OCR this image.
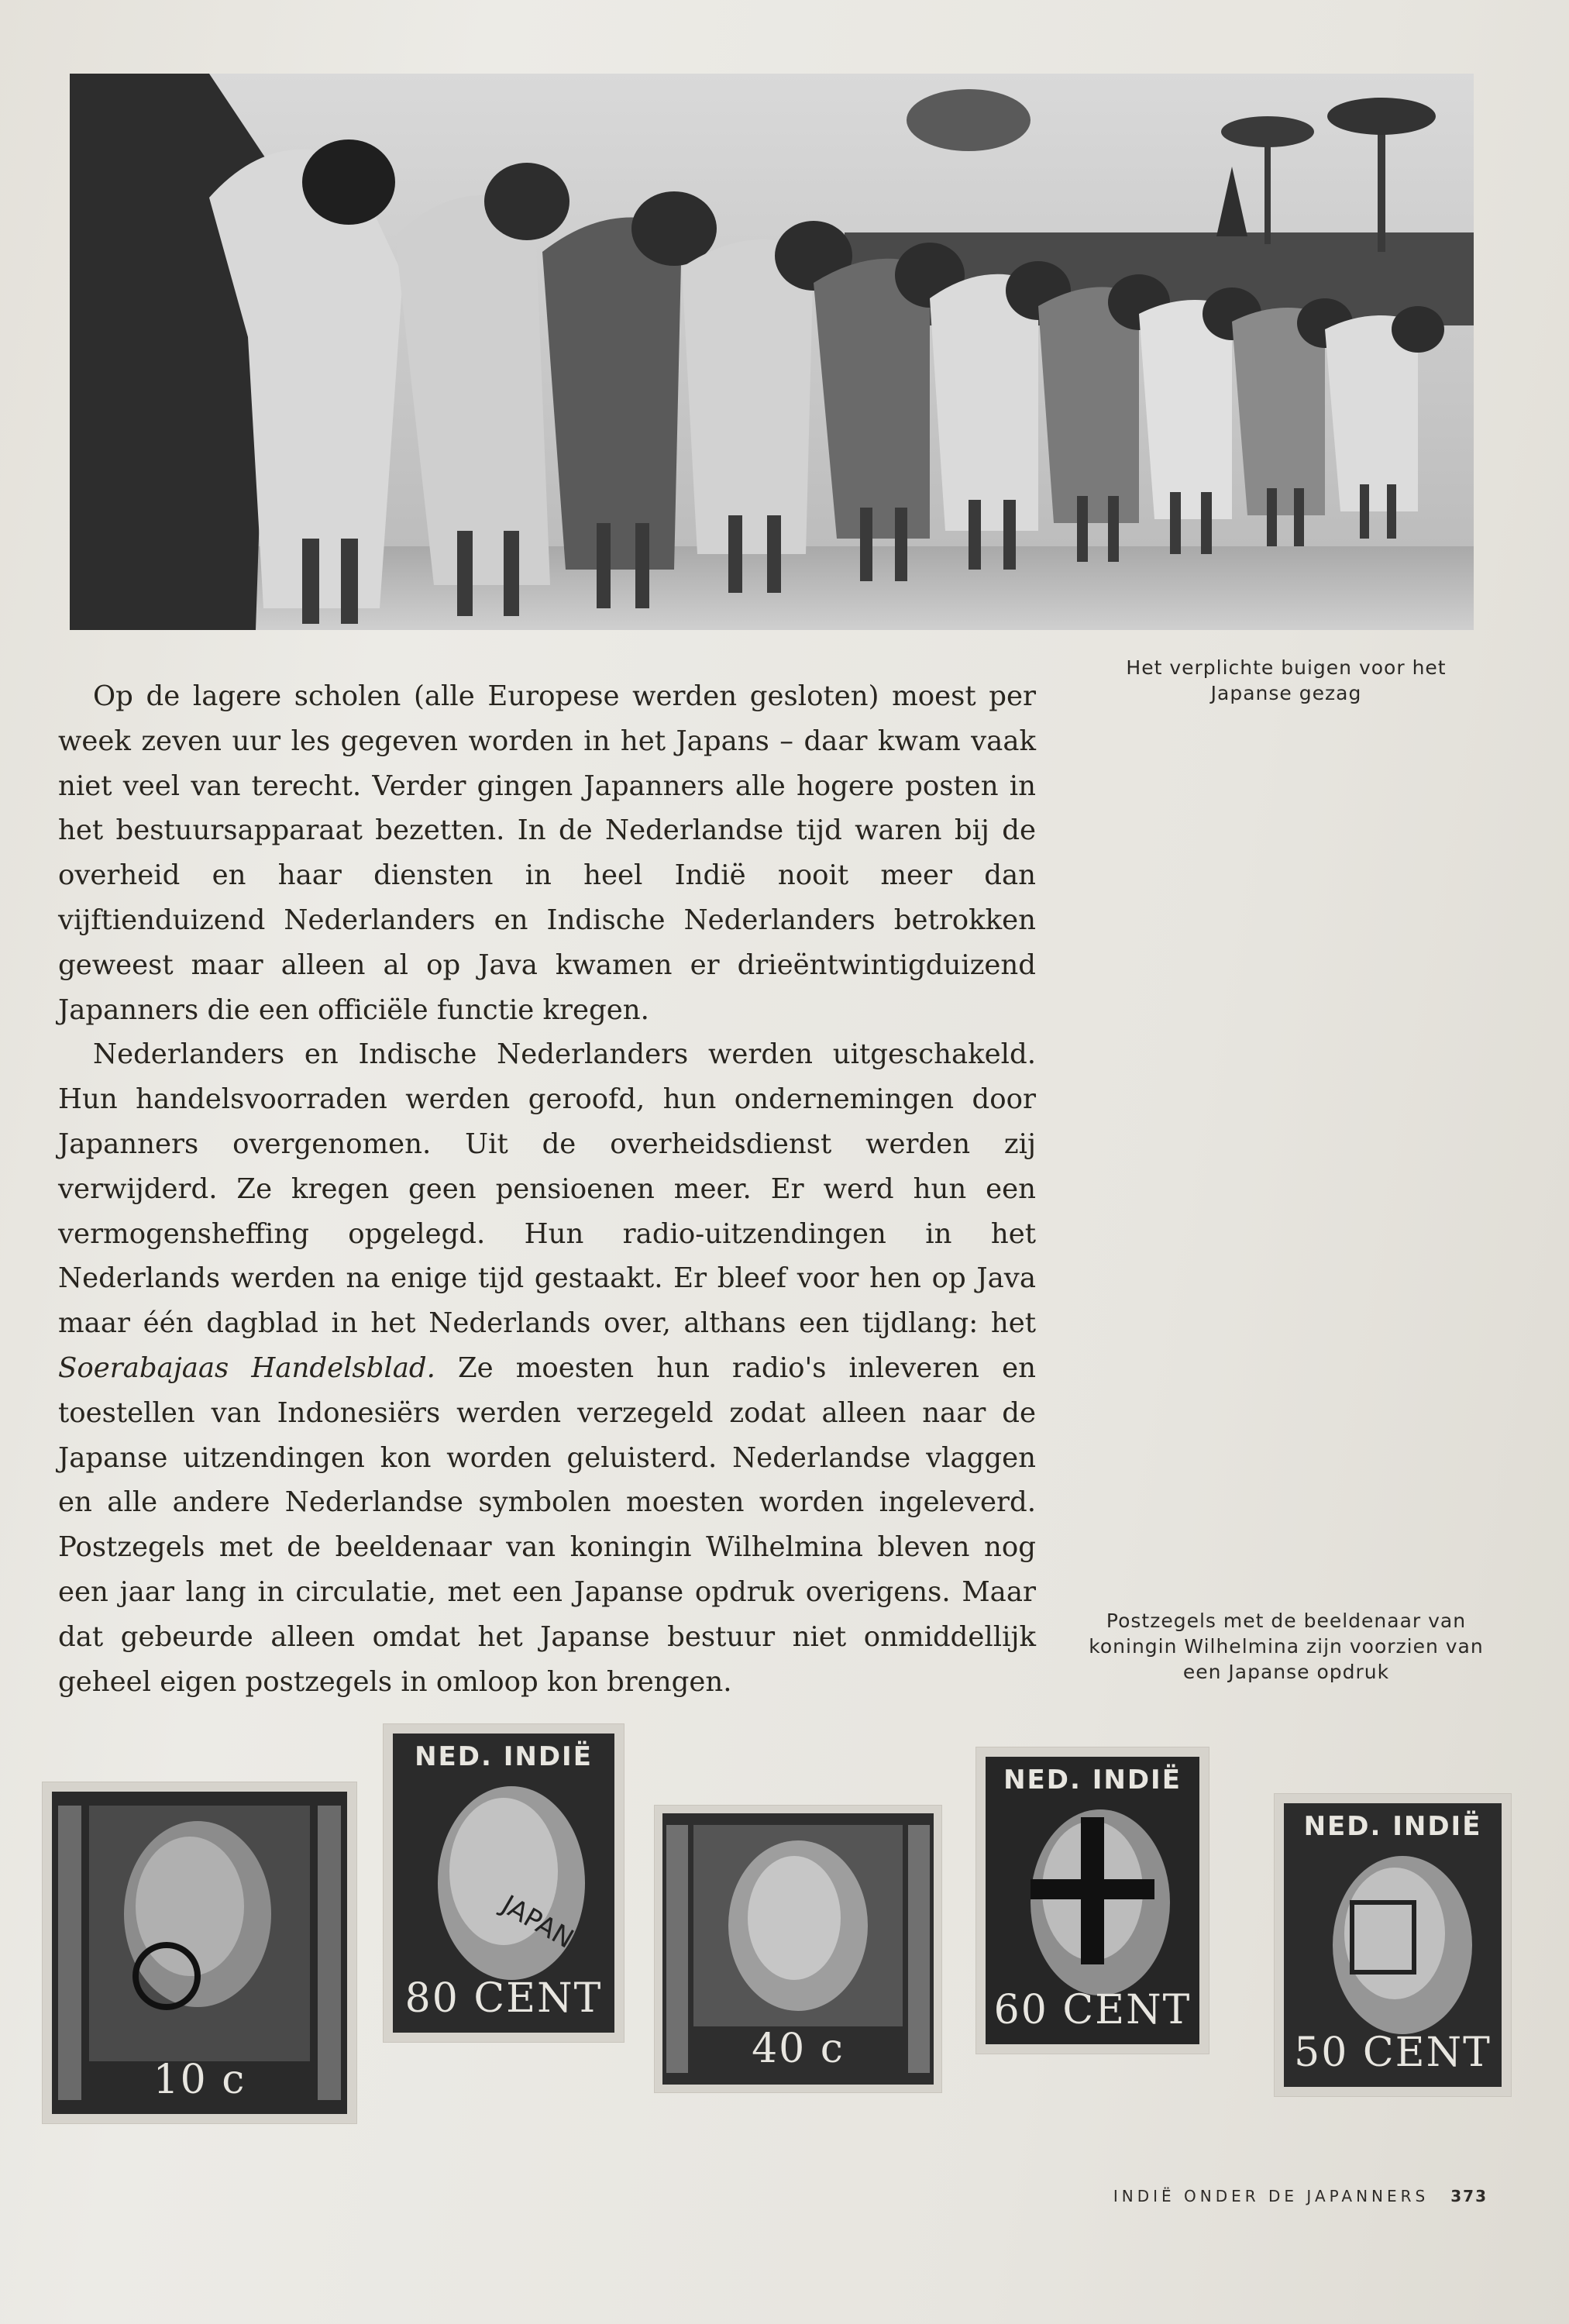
Het verplichte buigen voor het Japanse gezag

Op de lagere scholen (alle Europese werden gesloten) moest per week zeven uur les gegeven worden in het Japans – daar kwam vaak niet veel van terecht. Verder gingen Japanners alle hogere posten in het bestuursapparaat bezetten. In de Nederlandse tijd waren bij de overheid en haar diensten in heel Indië nooit meer dan vijftienduizend Nederlanders en Indische Nederlanders betrokken geweest maar alleen al op Java kwamen er drieëntwintigduizend Japanners die een officiële functie kregen.

Nederlanders en Indische Nederlanders werden uitgeschakeld. Hun handelsvoorraden werden geroofd, hun ondernemingen door Japanners overgenomen. Uit de overheidsdienst werden zij verwijderd. Ze kregen geen pensioenen meer. Er werd hun een vermogensheffing opgelegd. Hun radio-uitzendingen in het Nederlands werden na enige tijd gestaakt. Er bleef voor hen op Java maar één dagblad in het Nederlands over, althans een tijdlang: het Soerabajaas Handelsblad. Ze moesten hun radio's inleveren en toestellen van Indonesiërs werden verzegeld zodat alleen naar de Japanse uitzendingen kon worden geluisterd. Nederlandse vlaggen en alle andere Nederlandse symbolen moesten worden ingeleverd. Postzegels met de beeldenaar van koningin Wilhelmina bleven nog een jaar lang in circulatie, met een Japanse opdruk overigens. Maar dat gebeurde alleen omdat het Japanse bestuur niet onmiddellijk geheel eigen postzegels in omloop kon brengen.

Postzegels met de beeldenaar van koningin Wilhelmina zijn voorzien van een Japanse opdruk
10 c
JAPAN
NED. INDIË
80 CENT
40 c
NED. INDIË
60 CENT
NED. INDIË
50 CENT
INDIË ONDER DE JAPANNERS 373
